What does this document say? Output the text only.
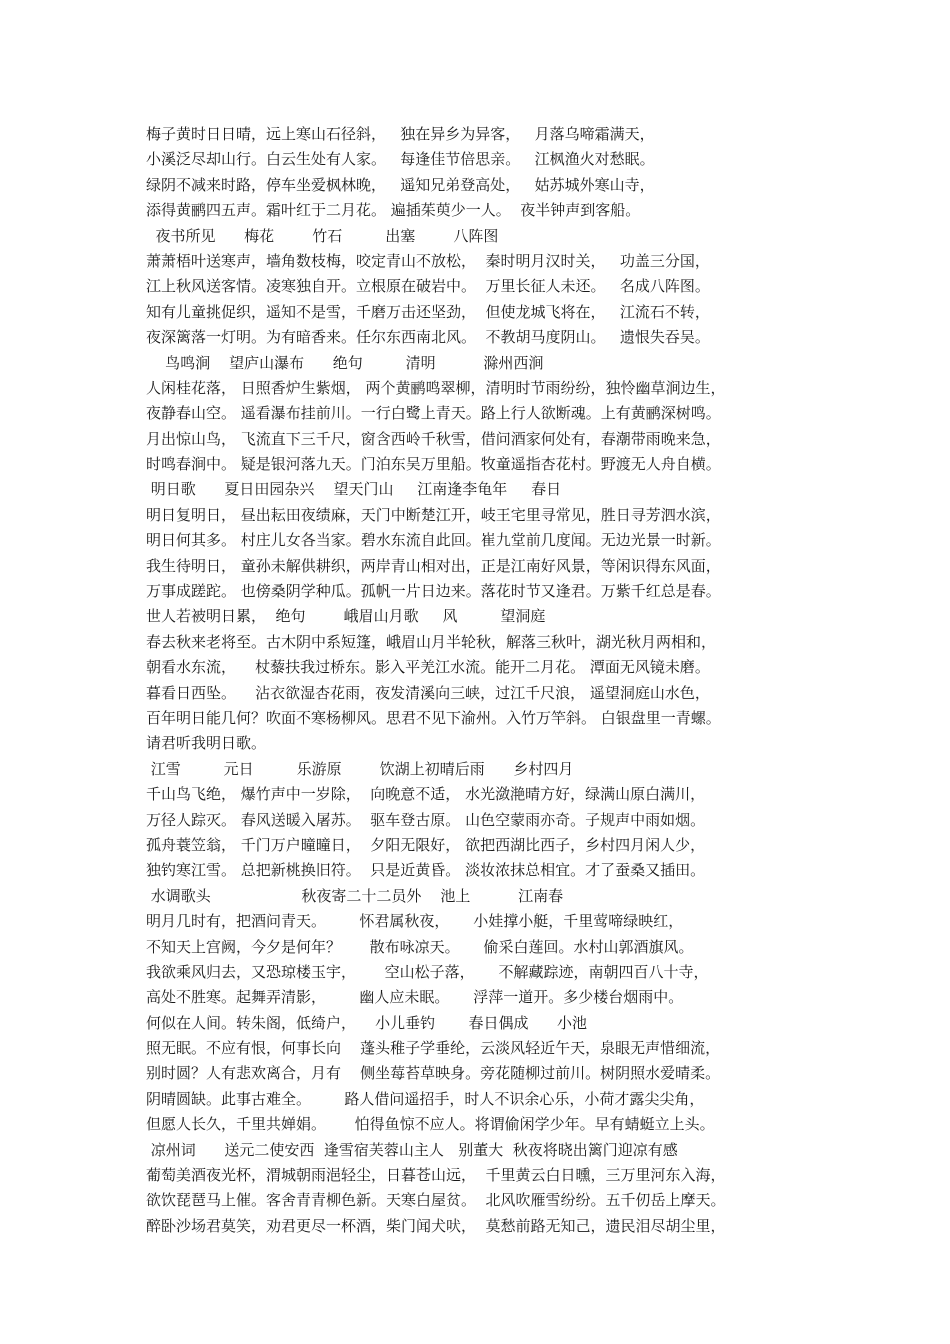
梅子黄时日日晴，远上寒山石径斜，   独在异乡为异客，   月落乌啼霜满天，
小溪泛尽却山行。白云生处有人家。   每逢佳节倍思亲。   江枫渔火对愁眠。
绿阴不减来时路，停车坐爱枫林晚，   遥知兄弟登高处，   姑苏城外寒山寺，
添得黄鹂四五声。霜叶红于二月花。 遍插茱萸少一人。  夜半钟声到客船。
夜书所见      梅花        竹石         出塞        八阵图
萧萧梧叶送寒声，墙角数枝梅，咬定青山不放松，  秦时明月汉时关，   功盖三分国，
江上秋风送客情。凌寒独自开。立根原在破岩中。  万里长征人未还。   名成八阵图。
知有儿童挑促织，遥知不是雪，千磨万击还坚劲，  但使龙城飞将在，   江流石不转，
夜深篱落一灯明。为有暗香来。任尔东西南北风。  不教胡马度阴山。   遗恨失吞吴。
鸟鸣涧    望庐山瀑布      绝句         清明          滁州西涧
人闲桂花落， 日照香炉生紫烟， 两个黄鹂鸣翠柳，清明时节雨纷纷，独怜幽草涧边生，
夜静春山空。 遥看瀑布挂前川。一行白鹭上青天。路上行人欲断魂。上有黄鹂深树鸣。
月出惊山鸟， 飞流直下三千尺，窗含西岭千秋雪，借问酒家何处有，春潮带雨晚来急，
时鸣春涧中。 疑是银河落九天。门泊东吴万里船。牧童遥指杏花村。野渡无人舟自横。
明日歌      夏日田园杂兴    望天门山     江南逢李龟年     春日
明日复明日， 昼出耘田夜绩麻，天门中断楚江开，岐王宅里寻常见，胜日寻芳泗水滨，
明日何其多。 村庄儿女各当家。碧水东流自此回。崔九堂前几度闻。无边光景一时新。
我生待明日， 童孙未解供耕织，两岸青山相对出，正是江南好风景，等闲识得东风面，
万事成蹉跎。 也傍桑阴学种瓜。孤帆一片日边来。落花时节又逢君。万紫千红总是春。
世人若被明日累，  绝句        峨眉山月歌     风         望洞庭
春去秋来老将至。古木阴中系短篷，峨眉山月半轮秋，解落三秋叶，湖光秋月两相和，
朝看水东流，    杖藜扶我过桥东。影入平羌江水流。能开二月花。 潭面无风镜未磨。
暮看日西坠。    沾衣欲湿杏花雨，夜发清溪向三峡，过江千尺浪， 遥望洞庭山水色，
百年明日能几何？吹面不寒杨柳风。思君不见下渝州。入竹万竿斜。 白银盘里一青螺。
请君听我明日歌。
江雪         元日         乐游原        饮湖上初晴后雨      乡村四月
千山鸟飞绝， 爆竹声中一岁除，  向晚意不适， 水光潋滟晴方好，绿满山原白满川，
万径人踪灭。 春风送暖入屠苏。  驱车登古原。 山色空蒙雨亦奇。子规声中雨如烟。
孤舟蓑笠翁， 千门万户曈曈日，  夕阳无限好， 欲把西湖比西子，乡村四月闲人少，
独钓寒江雪。 总把新桃换旧符。  只是近黄昏。 淡妆浓抹总相宜。才了蚕桑又插田。
水调歌头                   秋夜寄二十二员外    池上          江南春
明月几时有，把酒问青天。       怀君属秋夜，     小娃撑小艇，千里莺啼绿映红，
不知天上宫阙，今夕是何年？      散布咏凉天。     偷采白莲回。水村山郭酒旗风。
我欲乘风归去，又恐琼楼玉宇，      空山松子落，     不解藏踪迹，南朝四百八十寺，
高处不胜寒。起舞弄清影，       幽人应未眠。     浮萍一道开。多少楼台烟雨中。
何似在人间。转朱阁，低绮户，    小儿垂钓       春日偶成      小池
照无眠。不应有恨，何事长向    蓬头稚子学垂纶，云淡风轻近午天，泉眼无声惜细流，
别时圆？人有悲欢离合，月有    侧坐莓苔草映身。旁花随柳过前川。树阴照水爱晴柔。
阴晴圆缺。此事古难全。       路人借问遥招手，时人不识余心乐，小荷才露尖尖角，
但愿人长久，千里共婵娟。      怕得鱼惊不应人。将谓偷闲学少年。早有蜻蜓立上头。
凉州词      送元二使安西  逢雪宿芙蓉山主人   别董大  秋夜将晓出篱门迎凉有感
葡萄美酒夜光杯，渭城朝雨浥轻尘，日暮苍山远，  千里黄云白日曛，三万里河东入海，
欲饮琵琶马上催。客舍青青柳色新。天寒白屋贫。  北风吹雁雪纷纷。五千仞岳上摩天。
醉卧沙场君莫笑，劝君更尽一杯酒，柴门闻犬吠，  莫愁前路无知己，遗民泪尽胡尘里，
